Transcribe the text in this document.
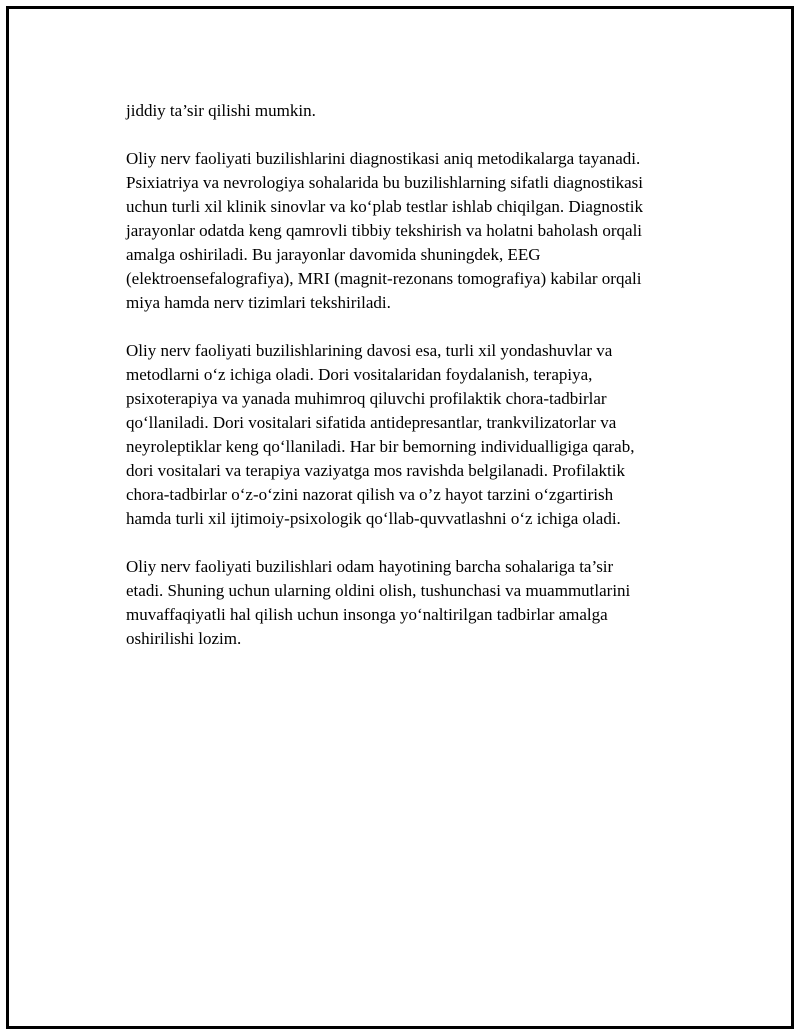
jiddiy ta’sir qilishi mumkin.

Oliy nerv faoliyati buzilishlarini diagnostikasi aniq metodikalarga tayanadi.
Psixiatriya va nevrologiya sohalarida bu buzilishlarning sifatli diagnostikasi
uchun turli xil klinik sinovlar va ko‘plab testlar ishlab chiqilgan. Diagnostik
jarayonlar odatda keng qamrovli tibbiy tekshirish va holatni baholash orqali
amalga oshiriladi. Bu jarayonlar davomida shuningdek, EEG
(elektroensefalografiya), MRI (magnit-rezonans tomografiya) kabilar orqali
miya hamda nerv tizimlari tekshiriladi.

Oliy nerv faoliyati buzilishlarining davosi esa, turli xil yondashuvlar va
metodlarni o‘z ichiga oladi. Dori vositalaridan foydalanish, terapiya,
psixoterapiya va yanada muhimroq qiluvchi profilaktik chora-tadbirlar
qo‘llaniladi. Dori vositalari sifatida antidepresantlar, trankvilizatorlar va
neyroleptiklar keng qo‘llaniladi. Har bir bemorning individualligiga qarab,
dori vositalari va terapiya vaziyatga mos ravishda belgilanadi. Profilaktik
chora-tadbirlar o‘z-o‘zini nazorat qilish va o’z hayot tarzini o‘zgartirish
hamda turli xil ijtimoiy-psixologik qo‘llab-quvvatlashni o‘z ichiga oladi.

Oliy nerv faoliyati buzilishlari odam hayotining barcha sohalariga ta’sir
etadi. Shuning uchun ularning oldini olish, tushunchasi va muammutlarini
muvaffaqiyatli hal qilish uchun insonga yo‘naltirilgan tadbirlar amalga
oshirilishi lozim.
